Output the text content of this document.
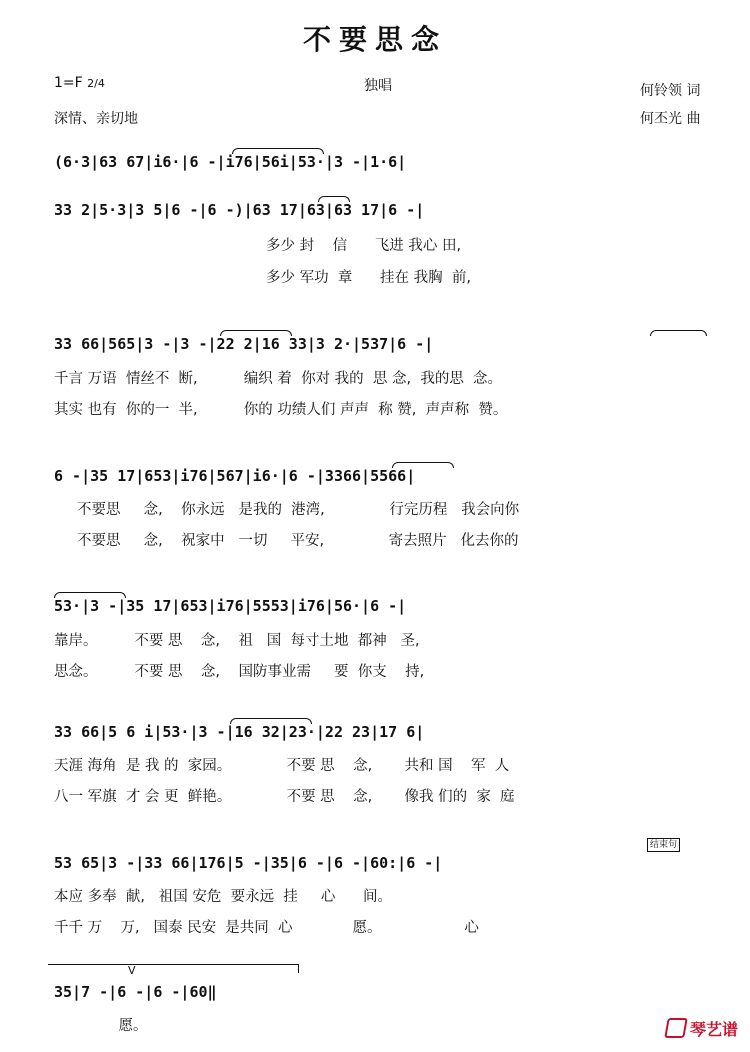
不要思念
1=F 2/4	独唱	何铃领 词
深情、亲切地	何丕光 曲
(6·3|63 67|i6·|6 -|i76|56i|53·|3 -|1·6|
33 2|5·3|3 5|6 -|6 -)|63 17|63|63 17|6 -|
多少 封    信      飞进 我心 田,
多少 军功  章      挂在 我胸  前,
33 66|565|3 -|3 -|22 2|16 33|3 2·|537|6 -|
千言 万语  情丝不  断,          编织 着  你对 我的  思 念,  我的思  念。
其实 也有  你的一  半,          你的 功绩人们 声声  称 赞,  声声称  赞。
6 -|35 17|653|i76|567|i6·|6 -|3366|5566|
不要思     念,    你永远   是我的  港湾,              行完历程   我会向你
不要思     念,    祝家中   一切     平安,              寄去照片   化去你的
53·|3 -|35 17|653|i76|5553|i76|56·|6 -|
靠岸。        不要 思    念,    祖   国  每寸土地  都神   圣,
思念。        不要 思    念,    国防事业需     要  你支    持,
33 66|5 6 i|53·|3 -|16 32|23·|22 23|17 6|
天涯 海角  是 我 的  家园。            不要 思    念,       共和 国    军  人
八一 军旗  才 会 更  鲜艳。            不要 思    念,       像我 们的  家  庭
结束句
53 65|3 -|33 66|176|5 -|35|6 -|6 -|60:|6 -|
本应 多奉  献,   祖国 安危  要永远  挂     心      间。
千千 万    万,   国泰 民安  是共同  心             愿。                  心
V
35|7 -|6 -|6 -|60‖
愿。	琴艺谱
